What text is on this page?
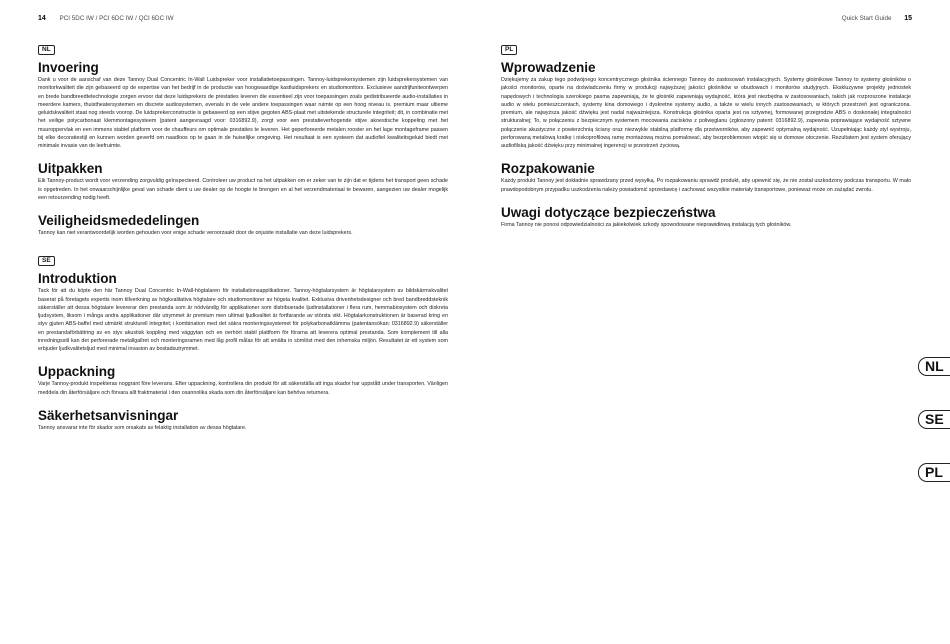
14 PCI 5DC IW / PCI 6DC IW / QCI 6DC IW	Quick Start Guide 15
NL
Invoering

Dank u voor de aanschaf van deze Tannoy Dual Concentric In-Wall Luidspreker voor installatietoepassingen. Tannoy-luidsprekersystemen zijn luidsprekersystemen van monitorkwaliteit die zijn gebaseerd op de expertise van het bedrijf in de productie van hoogwaardige kastluidsprekers en studiomonitors. Exclusieve aandrijfuniteontwerpen en brede bandbreedtetechnologie zorgen ervoor dat deze luidsprekers de prestaties leveren die essentieel zijn voor toepassingen zoals gedistribueerde audio-installaties in meerdere kamers, thuistheatersystemen en discrete audiosystemen, evenals in de vele andere toepassingen waar ruimte op een hoog niveau is. premium maar ultieme geluidskwaliteit staat nog steeds voorop. De luidsprekerconstructie is gebaseerd op een stijve gegoten ABS-plaat met uitstekende structurele integriteit; dit, in combinatie met het veilige polycarbonaat klemmontagesysteem (patent aangevraagd voor: 0316892.9), zorgt voor een prestatieverhogende stijve akoestische koppeling met het muuroppervlak en een immens stabiel platform voor de chauffeurs om optimale prestaties te leveren. Het geperforeerde metalen rooster en het lage montageframe passen bij elke decoratiestijl en kunnen worden geverfd om naadloos op te gaan in de huiselijke omgeving. Het resultaat is een systeem dat audiofiel kwaliteitsgeluid biedt met minimale invasie van de leefruimte.

Uitpakken

Elk Tannoy-product wordt voor verzending zorgvuldig geïnspecteerd. Controleer uw product na het uitpakken om er zeker van te zijn dat er tijdens het transport geen schade is opgetreden. In het onwaarschijnlijke geval van schade dient u uw dealer op de hoogte te brengen en al het verzendmateriaal te bewaren, aangezien uw dealer mogelijk een retourzending nodig heeft.

Veiligheidsmededelingen

Tannoy kan niet verantwoordelijk worden gehouden voor enige schade veroorzaakt door de onjuiste installatie van deze luidsprekers.

SE
Introduktion

Tack för att du köpte den här Tannoy Dual Concentric In-Wall-högtalaren för installationsapplikationer. Tannoy-högtalarsystem är högtalarsystem av bildskärmskvalitet baserat på företagets expertis inom tillverkning av högkvalitativa högtalare och studiomonitorer av högsta kvalitet. Exklusiva drivenhetsdesigner och bred bandbreddsteknik säkerställer att dessa högtalare levererar den prestanda som är nödvändig för applikationer som distribuerade ljudinstallationer i flera rum, hemmabiosystem och diskreta ljudsystem, liksom i många andra applikationer där utrymmet är premium men ultimat ljudkvalitet är fortfarande av största vikt. Högtalarkonstruktionen är baserad kring en styv gjuten ABS-baffel med utmärkt strukturell integritet; i kombination med det säkra monteringssystemet för polykarbonatklämma (patentansökan: 0316892.9) säkerställer en prestandaförbättring av en styv akustisk koppling med väggytan och en oerhört stabil plattform för förarna att leverera optimal prestanda. Som komplement till alla inredningsstil kan det perforerade metallgallret och monteringsramen med låg profil målas för att smälta in sömlöst med den inhemska miljön. Resultatet är ett system som erbjuder ljudkvalitetsljud med minimal invasion av bostadsutrymmet.

Uppackning

Varje Tannoy-produkt inspekteras noggrant före leverans. Efter uppackning, kontrollera din produkt för att säkerställa att inga skador har uppstått under transporten. Vänligen meddela din återförsäljare och förvara allt fraktmaterial i den osannolika skada som din återförsäljare kan behöva returnera.

Säkerhetsanvisningar

Tannoy ansvarar inte för skador som orsakats av felaktig installation av dessa högtalare.

PL
Wprowadzenie

Dziękujemy za zakup tego podwójnego koncentrycznego głośnika ściennego Tannoy do zastosowań instalacyjnych. Systemy głośnikowe Tannoy to systemy głośników o jakości monitorów, oparte na doświadczeniu firmy w produkcji najwyższej jakości głośników w obudowach i monitorów studyjnych. Ekskluzywne projekty jednostek napędowych i technologia szerokiego pasma zapewniają, że te głośniki zapewniają wydajność, która jest niezbędna w zastosowaniach, takich jak rozproszone instalacje audio w wielu pomieszczeniach, systemy kina domowego i dyskretne systemy audio, a także w wielu innych zastosowaniach, w których przestrzeń jest ograniczona. premium, ale najwyższa jakość dźwięku jest nadal najważniejsza. Konstrukcja głośnika oparta jest na sztywnej, formowanej przegrodzie ABS o doskonałej integralności strukturalnej; To, w połączeniu z bezpiecznym systemem mocowania zacisków z poliwęglanu (zgłoszony patent: 0316892.9), zapewnia poprawiające wydajność sztywne połączenie akustyczne z powierzchnią ściany oraz niezwykle stabilną platformę dla przetworników, aby zapewnić optymalną wydajność. Uzupełniając każdy styl wystroju, perforowaną metalową kratkę i niskoprofilową ramę montażową można pomalować, aby bezproblemowo wtopić się w domowe otoczenie. Rezultatem jest system oferujący audiofilską jakość dźwięku przy minimalnej ingerencji w przestrzeń życiową.

Rozpakowanie

Każdy produkt Tannoy jest dokładnie sprawdzany przed wysyłką. Po rozpakowaniu sprawdź produkt, aby upewnić się, że nie został uszkodzony podczas transportu. W mało prawdopodobnym przypadku uszkodzenia należy powiadomić sprzedawcę i zachować wszystkie materiały transportowe, ponieważ może on zażądać zwrotu.

Uwagi dotyczące bezpieczeństwa

Firma Tannoy nie ponosi odpowiedzialności za jakiekolwiek szkody spowodowane nieprawidłową instalacją tych głośników.

NL
SE
PL
